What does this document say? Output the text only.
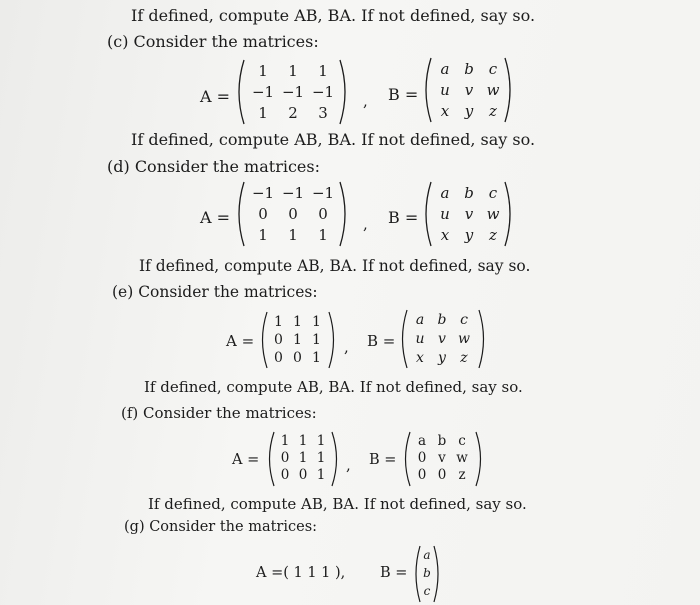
If defined, compute AB, BA. If not defined, say so.
(c) Consider the matrices:
A =
1	1	1
−1 −1 −1
1	2	3
, B =
a b	c
u v w
x	y	z
If defined, compute AB, BA. If not defined, say so.
(d) Consider the matrices:
A =
−1 −1 −1
0	0	0
1	1	1
, B =
a b	c
u v w
x	y	z
If defined, compute AB, BA. If not defined, say so.
(e) Consider the matrices:
A =
1 1 1
0 1 1
0 0 1
, B =
a b c
u v w
x	y	z
If defined, compute AB, BA. If not defined, say so.
(f) Consider the matrices:
A =
1 1 1
0 1 1
0 0 1
, B =
a b c
0 v w
0 0 z
If defined, compute AB, BA. If not defined, say so.
(g) Consider the matrices:
A =( 1 1 1 ), B =
a
b
c
